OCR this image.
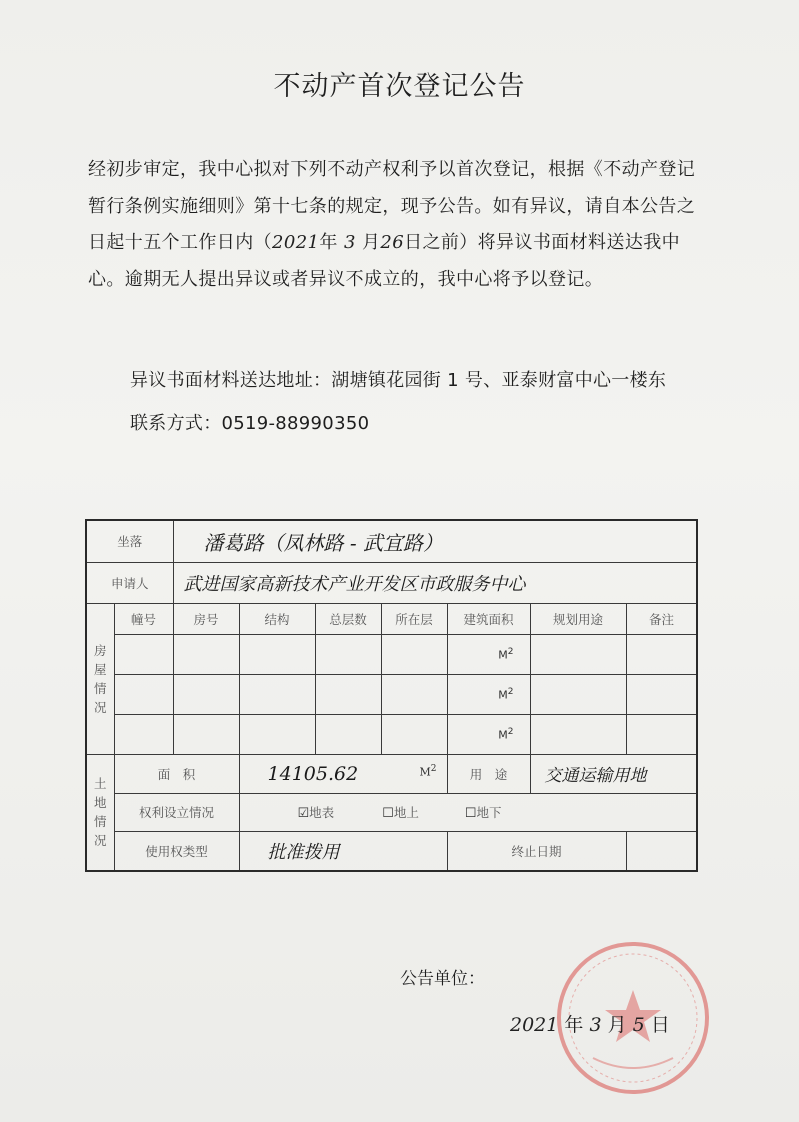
不动产首次登记公告

经初步审定，我中心拟对下列不动产权利予以首次登记，根据《不动产登记暂行条例实施细则》第十七条的规定，现予公告。如有异议，请自本公告之日起十五个工作日内（2021年 3 月26日之前）将异议书面材料送达我中心。逾期无人提出异议或者异议不成立的，我中心将予以登记。

异议书面材料送达地址：湖塘镇花园街 1 号、亚泰财富中心一楼东
联系方式：0519-88990350
坐落		潘葛路（凤林路 - 武宜路）						
申请人		武进国家高新技术产业开发区市政服务中心						
房屋情况	幢号	房号	结构	总层数	所在层	建筑面积	规划用途	备注
						$M^2$		
						$M^2$		
						$M^2$		
土地情况	面　积		14105.62 $M^2$			用　途	交通运输用地	
	权利设立情况		☑地表 ☐地上 ☐地下					
	使用权类型		批准拨用			终止日期		
公告单位：
2021 年 3 月 5 日
